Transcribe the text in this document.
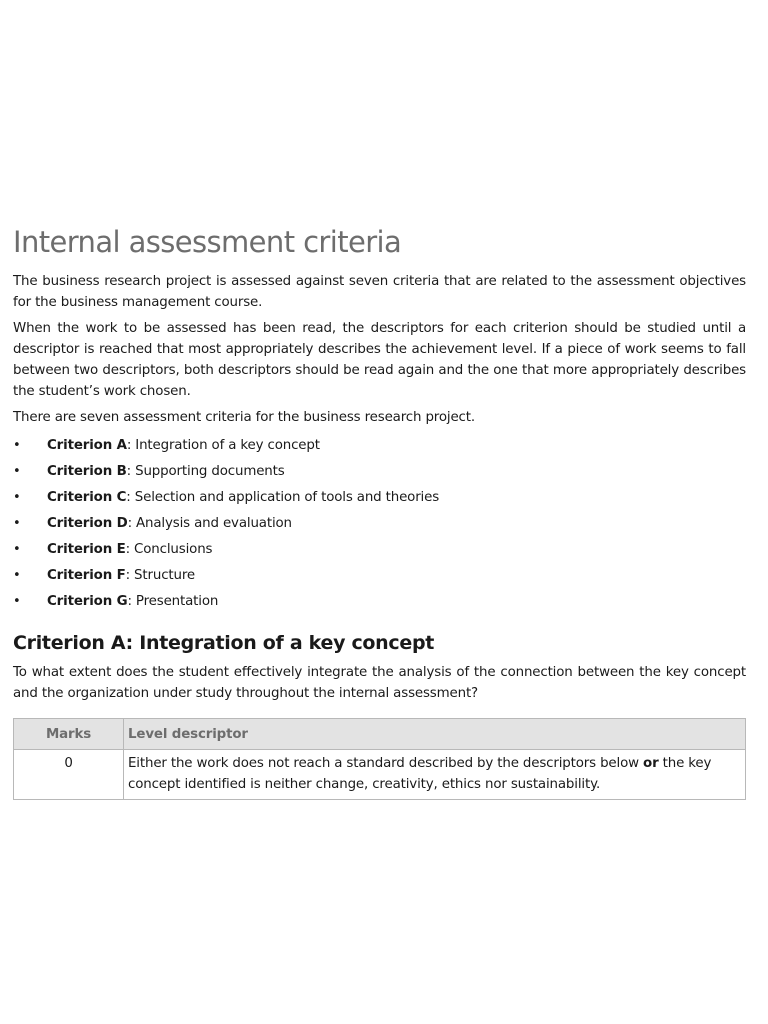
Internal assessment criteria

The business research project is assessed against seven criteria that are related to the assessment objectives for the business management course.

When the work to be assessed has been read, the descriptors for each criterion should be studied until a descriptor is reached that most appropriately describes the achievement level. If a piece of work seems to fall between two descriptors, both descriptors should be read again and the one that more appropriately describes the student’s work chosen.

There are seven assessment criteria for the business research project.

• Criterion A: Integration of a key concept
• Criterion B: Supporting documents
• Criterion C: Selection and application of tools and theories
• Criterion D: Analysis and evaluation
• Criterion E: Conclusions
• Criterion F: Structure
• Criterion G: Presentation
Criterion A: Integration of a key concept

To what extent does the student effectively integrate the analysis of the connection between the key concept and the organization under study throughout the internal assessment?

Marks	Level descriptor
0	Either the work does not reach a standard described by the descriptors below or the key concept identified is neither change, creativity, ethics nor sustainability.
